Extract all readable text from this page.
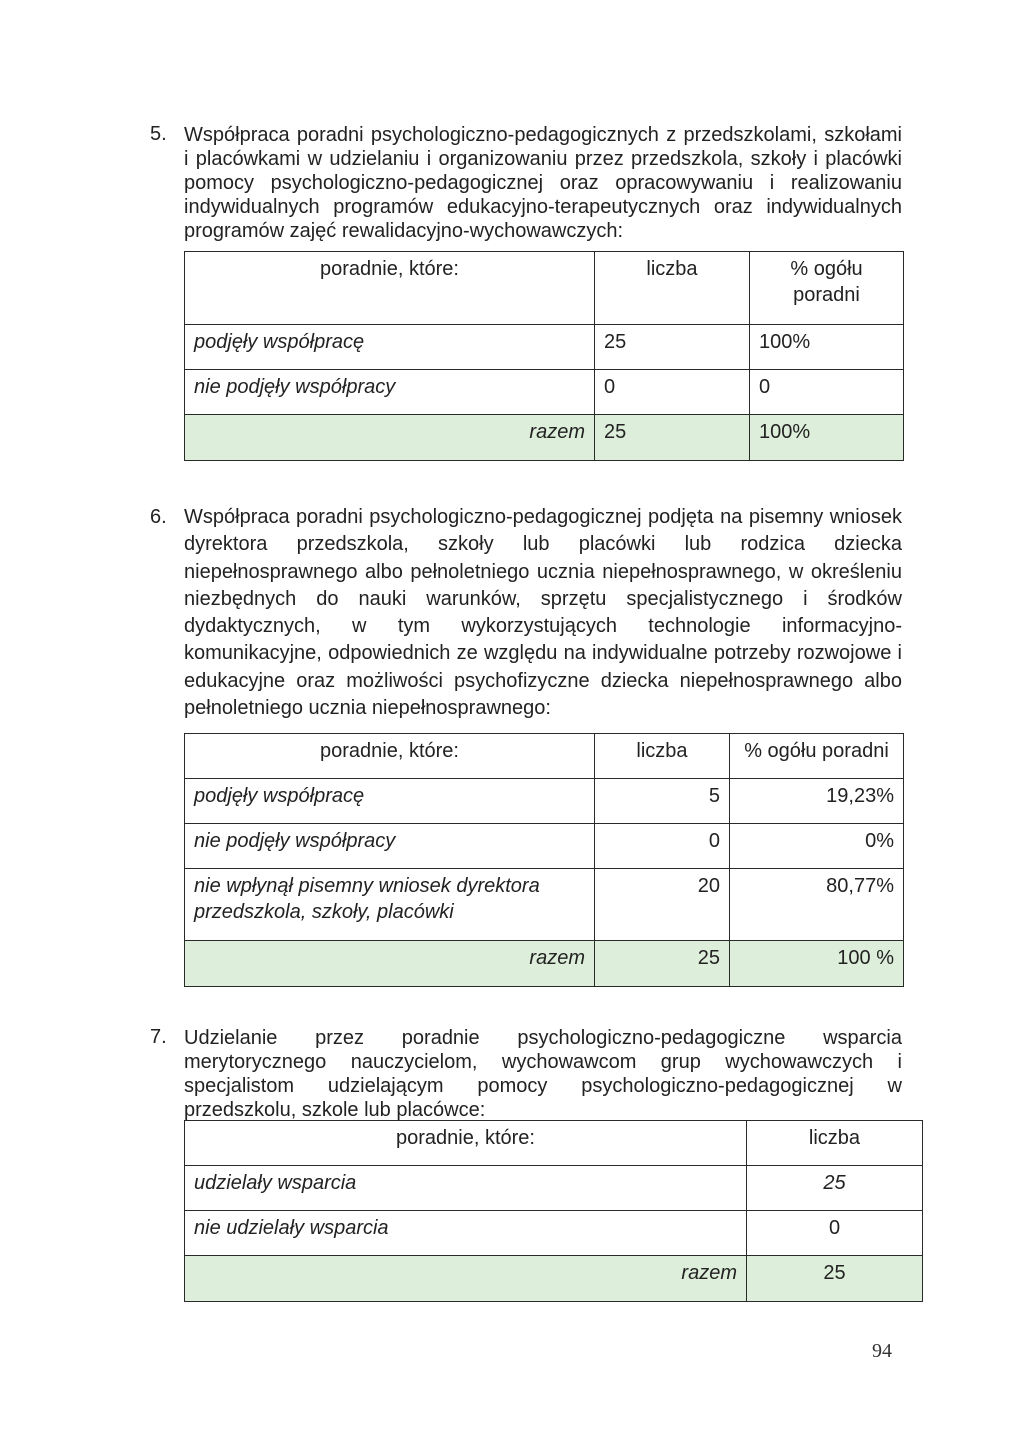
5. Współpraca poradni psychologiczno-pedagogicznych z przedszkolami, szkołami i placówkami w udzielaniu i organizowaniu przez przedszkola, szkoły i placówki pomocy psychologiczno-pedagogicznej oraz opracowywaniu i realizowaniu indywidualnych programów edukacyjno-terapeutycznych oraz indywidualnych programów zajęć rewalidacyjno-wychowawczych:
poradnie, które:	liczba	% ogółu poradni
podjęły współpracę	25	100%
nie podjęły współpracy	0	0
razem	25	100%
6. Współpraca poradni psychologiczno-pedagogicznej podjęta na pisemny wniosek dyrektora przedszkola, szkoły lub placówki lub rodzica dziecka niepełnosprawnego albo pełnoletniego ucznia niepełnosprawnego, w określeniu niezbędnych do nauki warunków, sprzętu specjalistycznego i środków dydaktycznych, w tym wykorzystujących technologie informacyjno-komunikacyjne, odpowiednich ze względu na indywidualne potrzeby rozwojowe i edukacyjne oraz możliwości psychofizyczne dziecka niepełnosprawnego albo pełnoletniego ucznia niepełnosprawnego:
poradnie, które:	liczba	% ogółu poradni
podjęły współpracę	5	19,23%
nie podjęły współpracy	0	0%
nie wpłynął pisemny wniosek dyrektora przedszkola, szkoły, placówki	20	80,77%
razem	25	100 %
7. Udzielanie przez poradnie psychologiczno-pedagogiczne wsparcia merytorycznego nauczycielom, wychowawcom grup wychowawczych i specjalistom udzielającym pomocy psychologiczno-pedagogicznej w przedszkolu, szkole lub placówce:
poradnie, które:	liczba
udzielały wsparcia	25
nie udzielały wsparcia	0
razem	25
94
